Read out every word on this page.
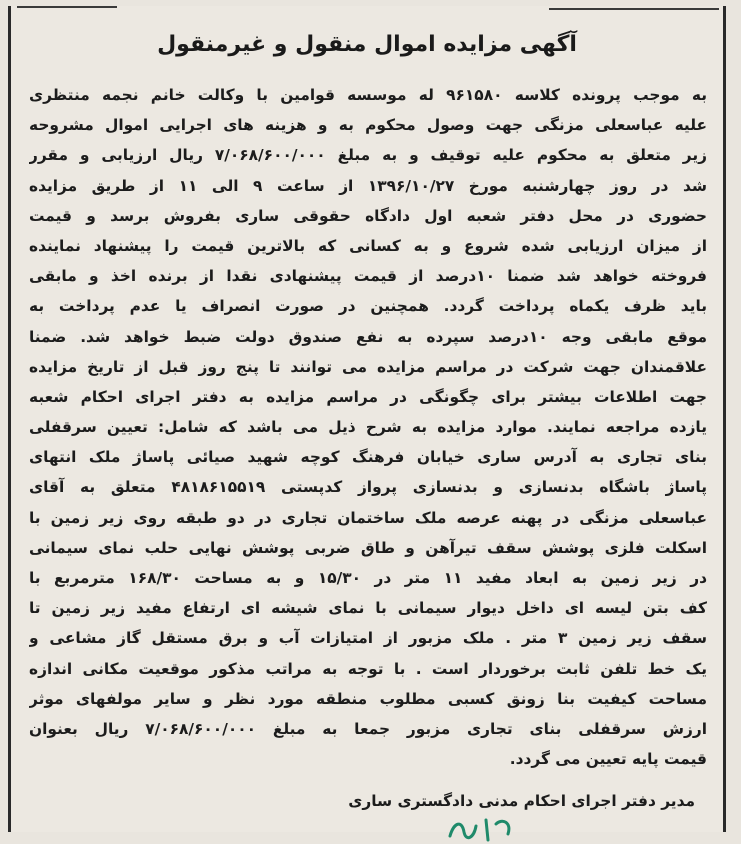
آگهی مزایده اموال منقول و غیرمنقول
به موجب پرونده کلاسه ۹۶۱۵۸۰ له موسسه قوامین با وکالت خانم نجمه منتظری
علیه عباسعلی مزنگی جهت وصول محکوم به و هزینه های اجرایی اموال مشروحه
زیر متعلق به محکوم علیه توقیف و به مبلغ ۷/۰۶۸/۶۰۰/۰۰۰ ریال ارزیابی و مقرر
شد در روز چهارشنبه مورخ ۱۳۹۶/۱۰/۲۷ از ساعت ۹ الی ۱۱ از طریق مزایده
حضوری در محل دفتر شعبه اول دادگاه حقوقی ساری بفروش برسد و قیمت
از میزان ارزیابی شده شروع و به کسانی که بالاترین قیمت را پیشنهاد نماینده
فروخته خواهد شد ضمنا ۱۰درصد از قیمت پیشنهادی نقدا از برنده اخذ و مابقی
باید ظرف یکماه پرداخت گردد. همچنین در صورت انصراف یا عدم پرداخت به
موقع مابقی وجه ۱۰درصد سپرده به نفع صندوق دولت ضبط خواهد شد. ضمنا
علاقمندان جهت شرکت در مراسم مزایده می توانند تا پنج روز قبل از تاریخ مزایده
جهت اطلاعات بیشتر برای چگونگی در مراسم مزایده به دفتر اجرای احکام شعبه
یازده مراجعه نمایند. موارد مزایده به شرح ذیل می باشد که شامل: تعیین سرقفلی
بنای تجاری به آدرس ساری خیابان فرهنگ کوچه شهید صیائی پاساژ ملک انتهای
پاساژ باشگاه بدنسازی و بدنسازی پرواز کدپستی ۴۸۱۸۶۱۵۵۱۹ متعلق به آقای
عباسعلی مزنگی در پهنه عرصه ملک ساختمان تجاری در دو طبقه روی زیر زمین با
اسکلت فلزی پوشش سقف تیرآهن و طاق ضربی پوشش نهایی حلب نمای سیمانی
در زیر زمین به ابعاد مفید ۱۱ متر در ۱۵/۳۰ و به مساحت ۱۶۸/۳۰ مترمربع با
کف بتن لیسه ای داخل دیوار سیمانی با نمای شیشه ای ارتفاع مفید زیر زمین تا
سقف زیر زمین ۳ متر . ملک مزبور از امتیازات آب و برق مستقل گاز مشاعی و
یک خط تلفن ثابت برخوردار است . با توجه به مراتب مذکور موقعیت مکانی اندازه
مساحت کیفیت بنا زونق کسبی مطلوب منطقه مورد نظر و سایر مولفهای موثر
ارزش سرقفلی بنای تجاری مزبور جمعا به مبلغ ۷/۰۶۸/۶۰۰/۰۰۰ ریال بعنوان
قیمت پایه تعیین می گردد.
مدیر دفتر اجرای احکام مدنی دادگستری ساری
